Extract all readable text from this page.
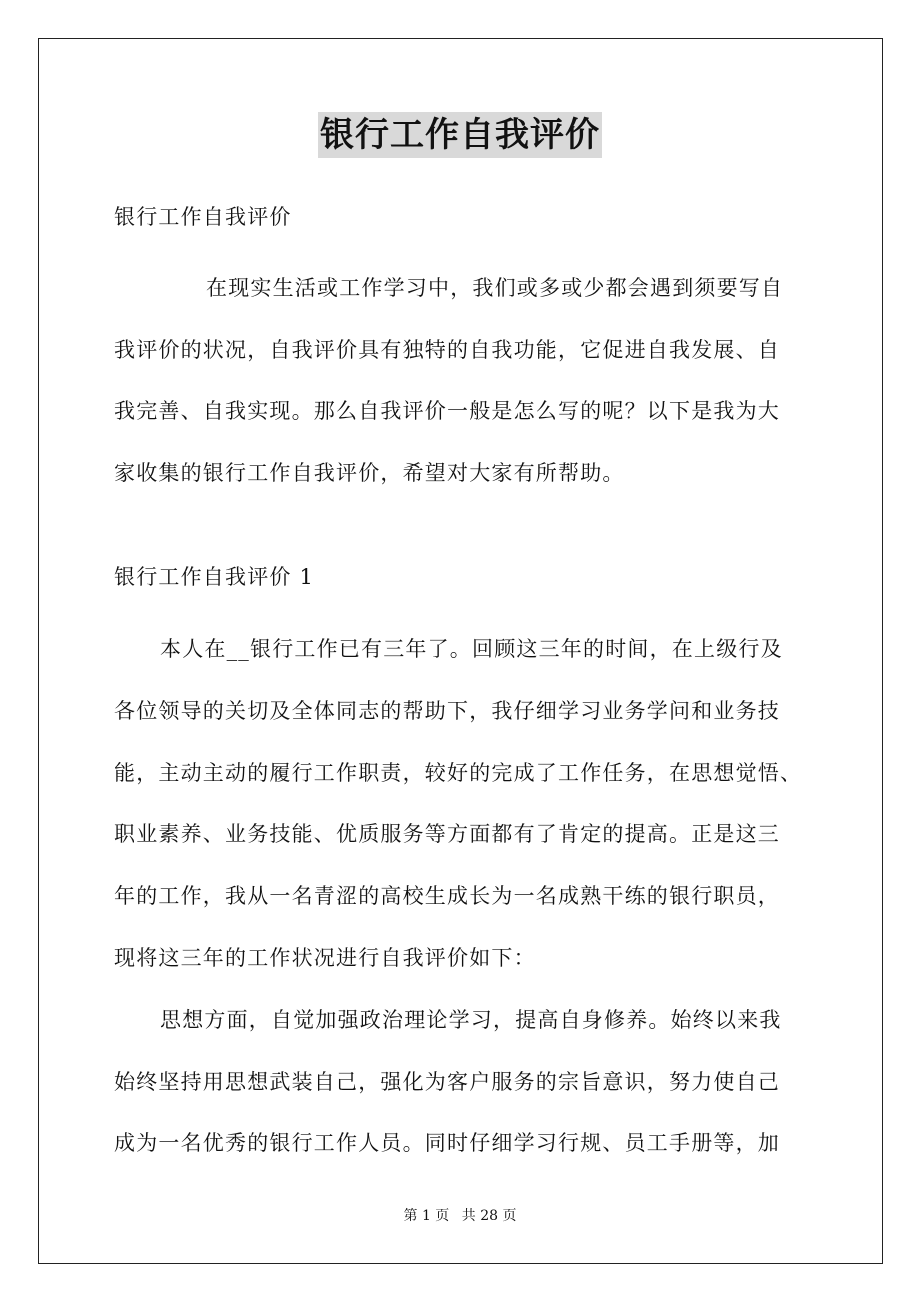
银行工作自我评价

银行工作自我评价

在现实生活或工作学习中，我们或多或少都会遇到须要写自
我评价的状况，自我评价具有独特的自我功能，它促进自我发展、自
我完善、自我实现。那么自我评价一般是怎么写的呢？以下是我为大
家收集的银行工作自我评价，希望对大家有所帮助。

银行工作自我评价 1

本人在__银行工作已有三年了。回顾这三年的时间，在上级行及
各位领导的关切及全体同志的帮助下，我仔细学习业务学问和业务技
能，主动主动的履行工作职责，较好的完成了工作任务，在思想觉悟、
职业素养、业务技能、优质服务等方面都有了肯定的提高。正是这三
年的工作，我从一名青涩的高校生成长为一名成熟干练的银行职员，
现将这三年的工作状况进行自我评价如下：
思想方面，自觉加强政治理论学习，提高自身修养。始终以来我
始终坚持用思想武装自己，强化为客户服务的宗旨意识，努力使自己
成为一名优秀的银行工作人员。同时仔细学习行规、员工手册等，加

第 1 页 共 28 页
